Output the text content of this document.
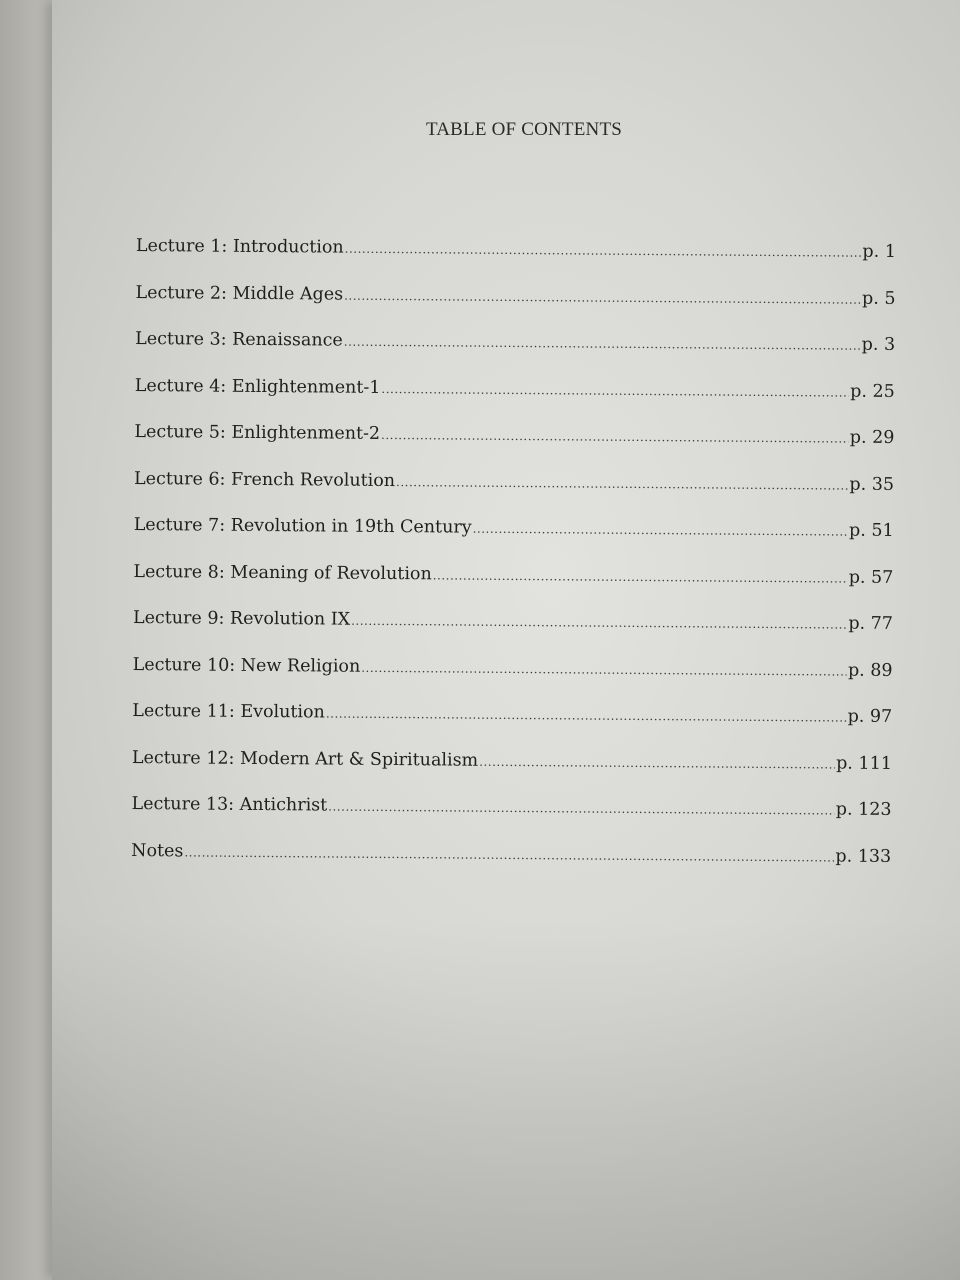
TABLE OF CONTENTS
Lecture 1: Introduction .....	p. 1
Lecture 2: Middle Ages .....	p. 5
Lecture 3: Renaissance .....	p. 3
Lecture 4: Enlightenment-1 .....	p. 25
Lecture 5: Enlightenment-2 .....	p. 29
Lecture 6: French Revolution .....	p. 35
Lecture 7: Revolution in 19th Century .....	p. 51
Lecture 8: Meaning of Revolution .....	p. 57
Lecture 9: Revolution IX .....	p. 77
Lecture 10: New Religion .....	p. 89
Lecture 11: Evolution .....	p. 97
Lecture 12: Modern Art & Spiritualism .....	p. 111
Lecture 13: Antichrist .....	p. 123
Notes .....	p. 133
